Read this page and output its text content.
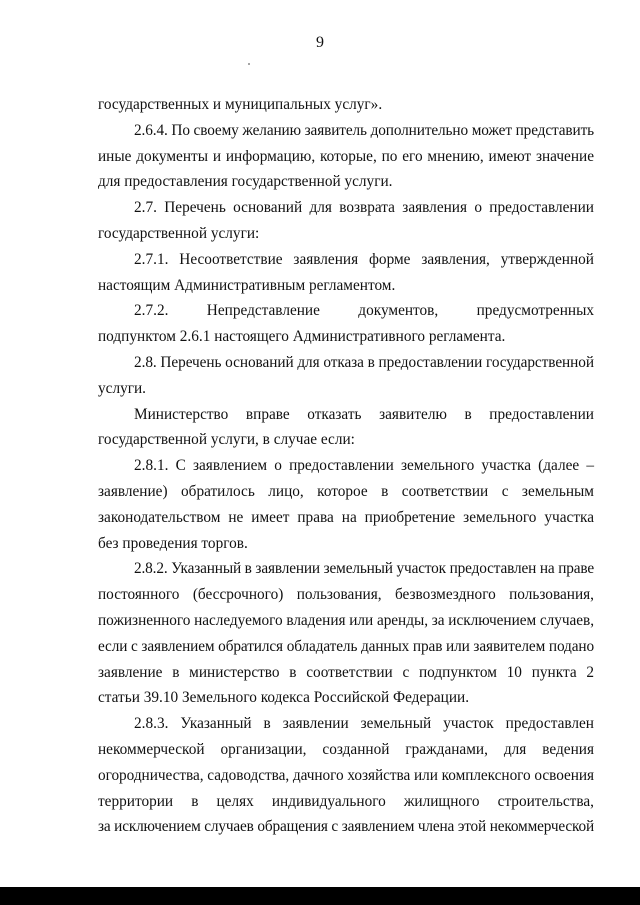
9
государственных и муниципальных услуг».
2.6.4. По своему желанию заявитель дополнительно может представить
иные документы и информацию, которые, по его мнению, имеют значение
для предоставления государственной услуги.
2.7. Перечень оснований для возврата заявления о предоставлении
государственной услуги:
2.7.1. Несоответствие заявления форме заявления, утвержденной
настоящим Административным регламентом.
2.7.2. Непредставление документов, предусмотренных
подпунктом 2.6.1 настоящего Административного регламента.
2.8. Перечень оснований для отказа в предоставлении государственной
услуги.
Министерство вправе отказать заявителю в предоставлении
государственной услуги, в случае если:
2.8.1. С заявлением о предоставлении земельного участка (далее –
заявление) обратилось лицо, которое в соответствии с земельным
законодательством не имеет права на приобретение земельного участка
без проведения торгов.
2.8.2. Указанный в заявлении земельный участок предоставлен на праве
постоянного (бессрочного) пользования, безвозмездного пользования,
пожизненного наследуемого владения или аренды, за исключением случаев,
если с заявлением обратился обладатель данных прав или заявителем подано
заявление в министерство в соответствии с подпунктом 10 пункта 2
статьи 39.10 Земельного кодекса Российской Федерации.
2.8.3. Указанный в заявлении земельный участок предоставлен
некоммерческой организации, созданной гражданами, для ведения
огородничества, садоводства, дачного хозяйства или комплексного освоения
территории в целях индивидуального жилищного строительства,
за исключением случаев обращения с заявлением члена этой некоммерческой
